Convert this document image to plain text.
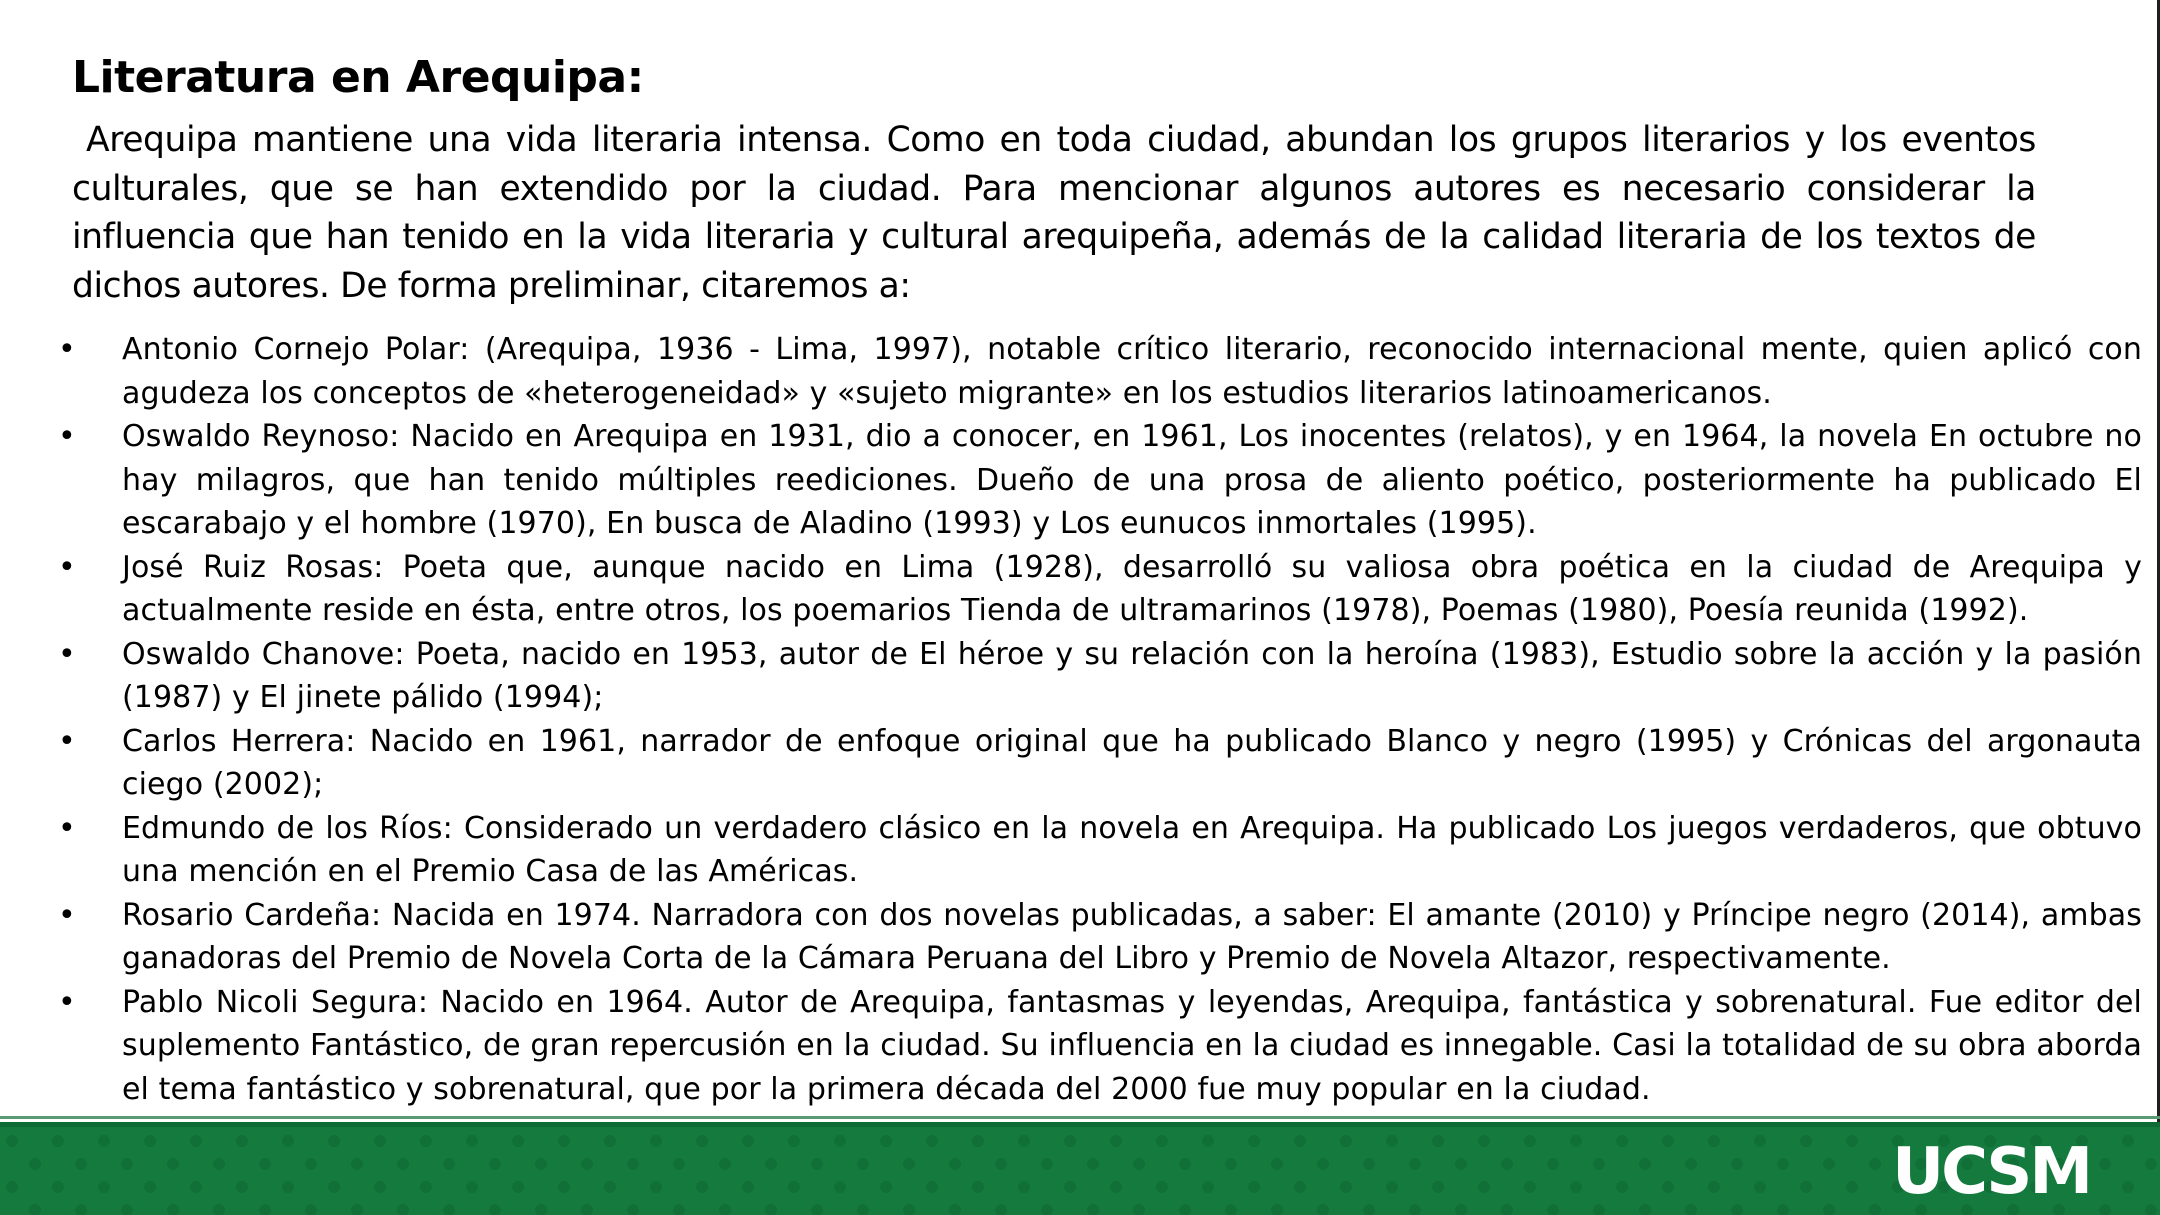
Literatura en Arequipa:

Arequipa mantiene una vida literaria intensa. Como en toda ciudad, abundan los grupos literarios y los eventos culturales, que se han extendido por la ciudad. Para mencionar algunos autores es necesario considerar la influencia que han tenido en la vida literaria y cultural arequipeña, además de la calidad literaria de los textos de dichos autores. De forma preliminar, citaremos a:

• Antonio Cornejo Polar: (Arequipa, 1936 - Lima, 1997), notable crítico literario, reconocido internacional mente, quien aplicó con agudeza los conceptos de «heterogeneidad» y «sujeto migrante» en los estudios literarios latinoamericanos.
• Oswaldo Reynoso: Nacido en Arequipa en 1931, dio a conocer, en 1961, Los inocentes (relatos), y en 1964, la novela En octubre no hay milagros, que han tenido múltiples reediciones. Dueño de una prosa de aliento poético, posteriormente ha publicado El escarabajo y el hombre (1970), En busca de Aladino (1993) y Los eunucos inmortales (1995).
• José Ruiz Rosas: Poeta que, aunque nacido en Lima (1928), desarrolló su valiosa obra poética en la ciudad de Arequipa y actualmente reside en ésta, entre otros, los poemarios Tienda de ultramarinos (1978), Poemas (1980), Poesía reunida (1992).
• Oswaldo Chanove: Poeta, nacido en 1953, autor de El héroe y su relación con la heroína (1983), Estudio sobre la acción y la pasión (1987) y El jinete pálido (1994);
• Carlos Herrera: Nacido en 1961, narrador de enfoque original que ha publicado Blanco y negro (1995) y Crónicas del argonauta ciego (2002);
• Edmundo de los Ríos: Considerado un verdadero clásico en la novela en Arequipa. Ha publicado Los juegos verdaderos, que obtuvo una mención en el Premio Casa de las Américas.
• Rosario Cardeña: Nacida en 1974. Narradora con dos novelas publicadas, a saber: El amante (2010) y Príncipe negro (2014), ambas ganadoras del Premio de Novela Corta de la Cámara Peruana del Libro y Premio de Novela Altazor, respectivamente.
• Pablo Nicoli Segura: Nacido en 1964. Autor de Arequipa, fantasmas y leyendas, Arequipa, fantástica y sobrenatural. Fue editor del suplemento Fantástico, de gran repercusión en la ciudad. Su influencia en la ciudad es innegable. Casi la totalidad de su obra aborda el tema fantástico y sobrenatural, que por la primera década del 2000 fue muy popular en la ciudad.
UCSM
